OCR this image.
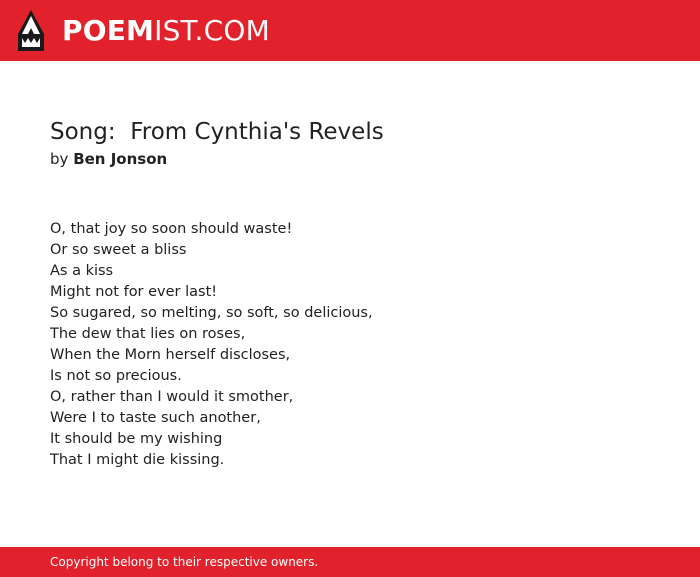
POEMIST.COM
Song:  From Cynthia's Revels

by Ben Jonson

O, that joy so soon should waste!
Or so sweet a bliss
As a kiss
Might not for ever last!
So sugared, so melting, so soft, so delicious,
The dew that lies on roses,
When the Morn herself discloses,
Is not so precious.
O, rather than I would it smother,
Were I to taste such another,
It should be my wishing
That I might die kissing.
Copyright belong to their respective owners.
